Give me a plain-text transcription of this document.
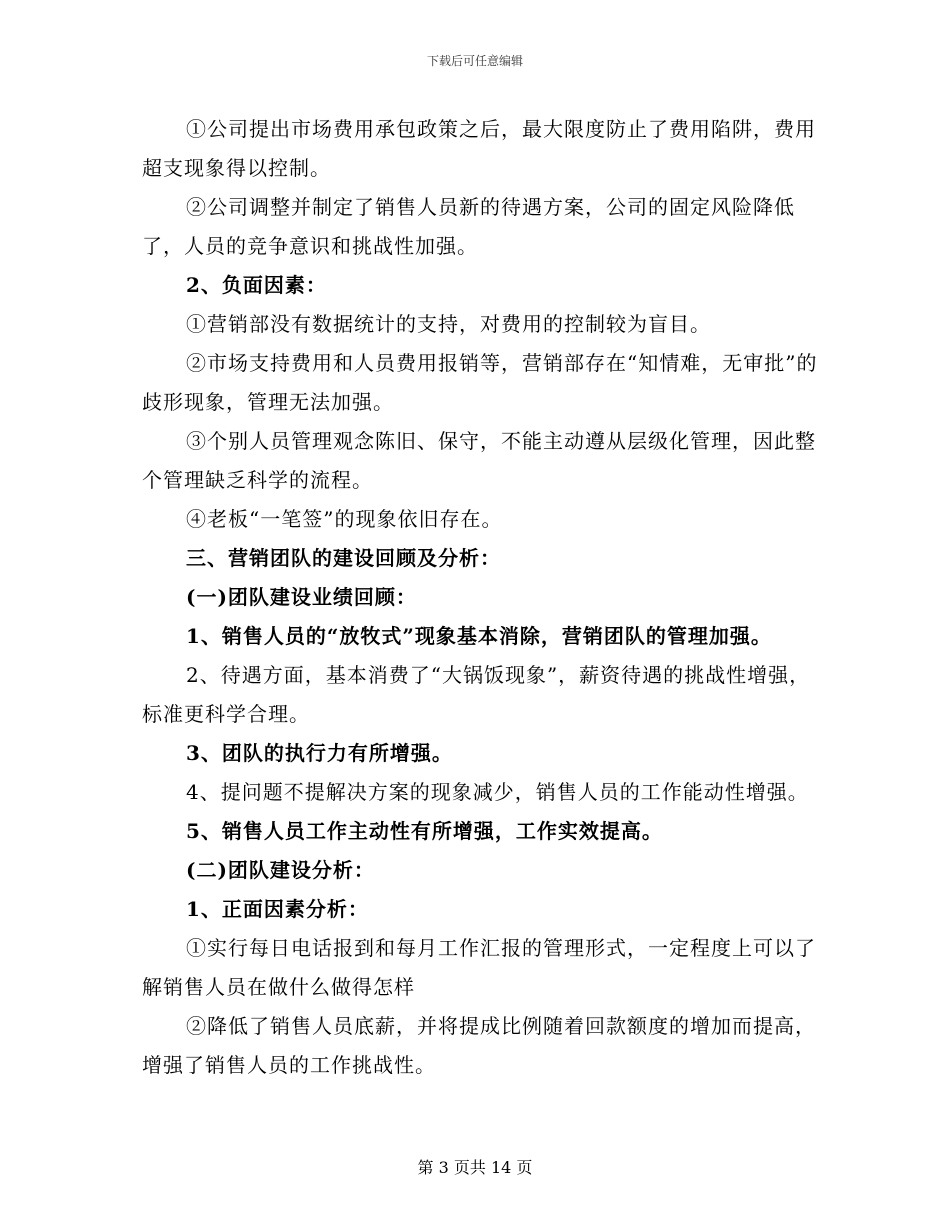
下载后可任意编辑

①公司提出市场费用承包政策之后，最大限度防止了费用陷阱，费用超支现象得以控制。

②公司调整并制定了销售人员新的待遇方案，公司的固定风险降低了，人员的竞争意识和挑战性加强。

2、负面因素：

①营销部没有数据统计的支持，对费用的控制较为盲目。

②市场支持费用和人员费用报销等，营销部存在“知情难，无审批”的歧形现象，管理无法加强。

③个别人员管理观念陈旧、保守，不能主动遵从层级化管理，因此整个管理缺乏科学的流程。

④老板“一笔签”的现象依旧存在。

三、营销团队的建设回顾及分析：

(一)团队建设业绩回顾：

1、销售人员的“放牧式”现象基本消除，营销团队的管理加强。

2、待遇方面，基本消费了“大锅饭现象”，薪资待遇的挑战性增强，标准更科学合理。

3、团队的执行力有所增强。

4、提问题不提解决方案的现象减少，销售人员的工作能动性增强。

5、销售人员工作主动性有所增强，工作实效提高。

(二)团队建设分析：

1、正面因素分析：

①实行每日电话报到和每月工作汇报的管理形式，一定程度上可以了解销售人员在做什么做得怎样

②降低了销售人员底薪，并将提成比例随着回款额度的增加而提高，增强了销售人员的工作挑战性。

第 3 页共 14 页
